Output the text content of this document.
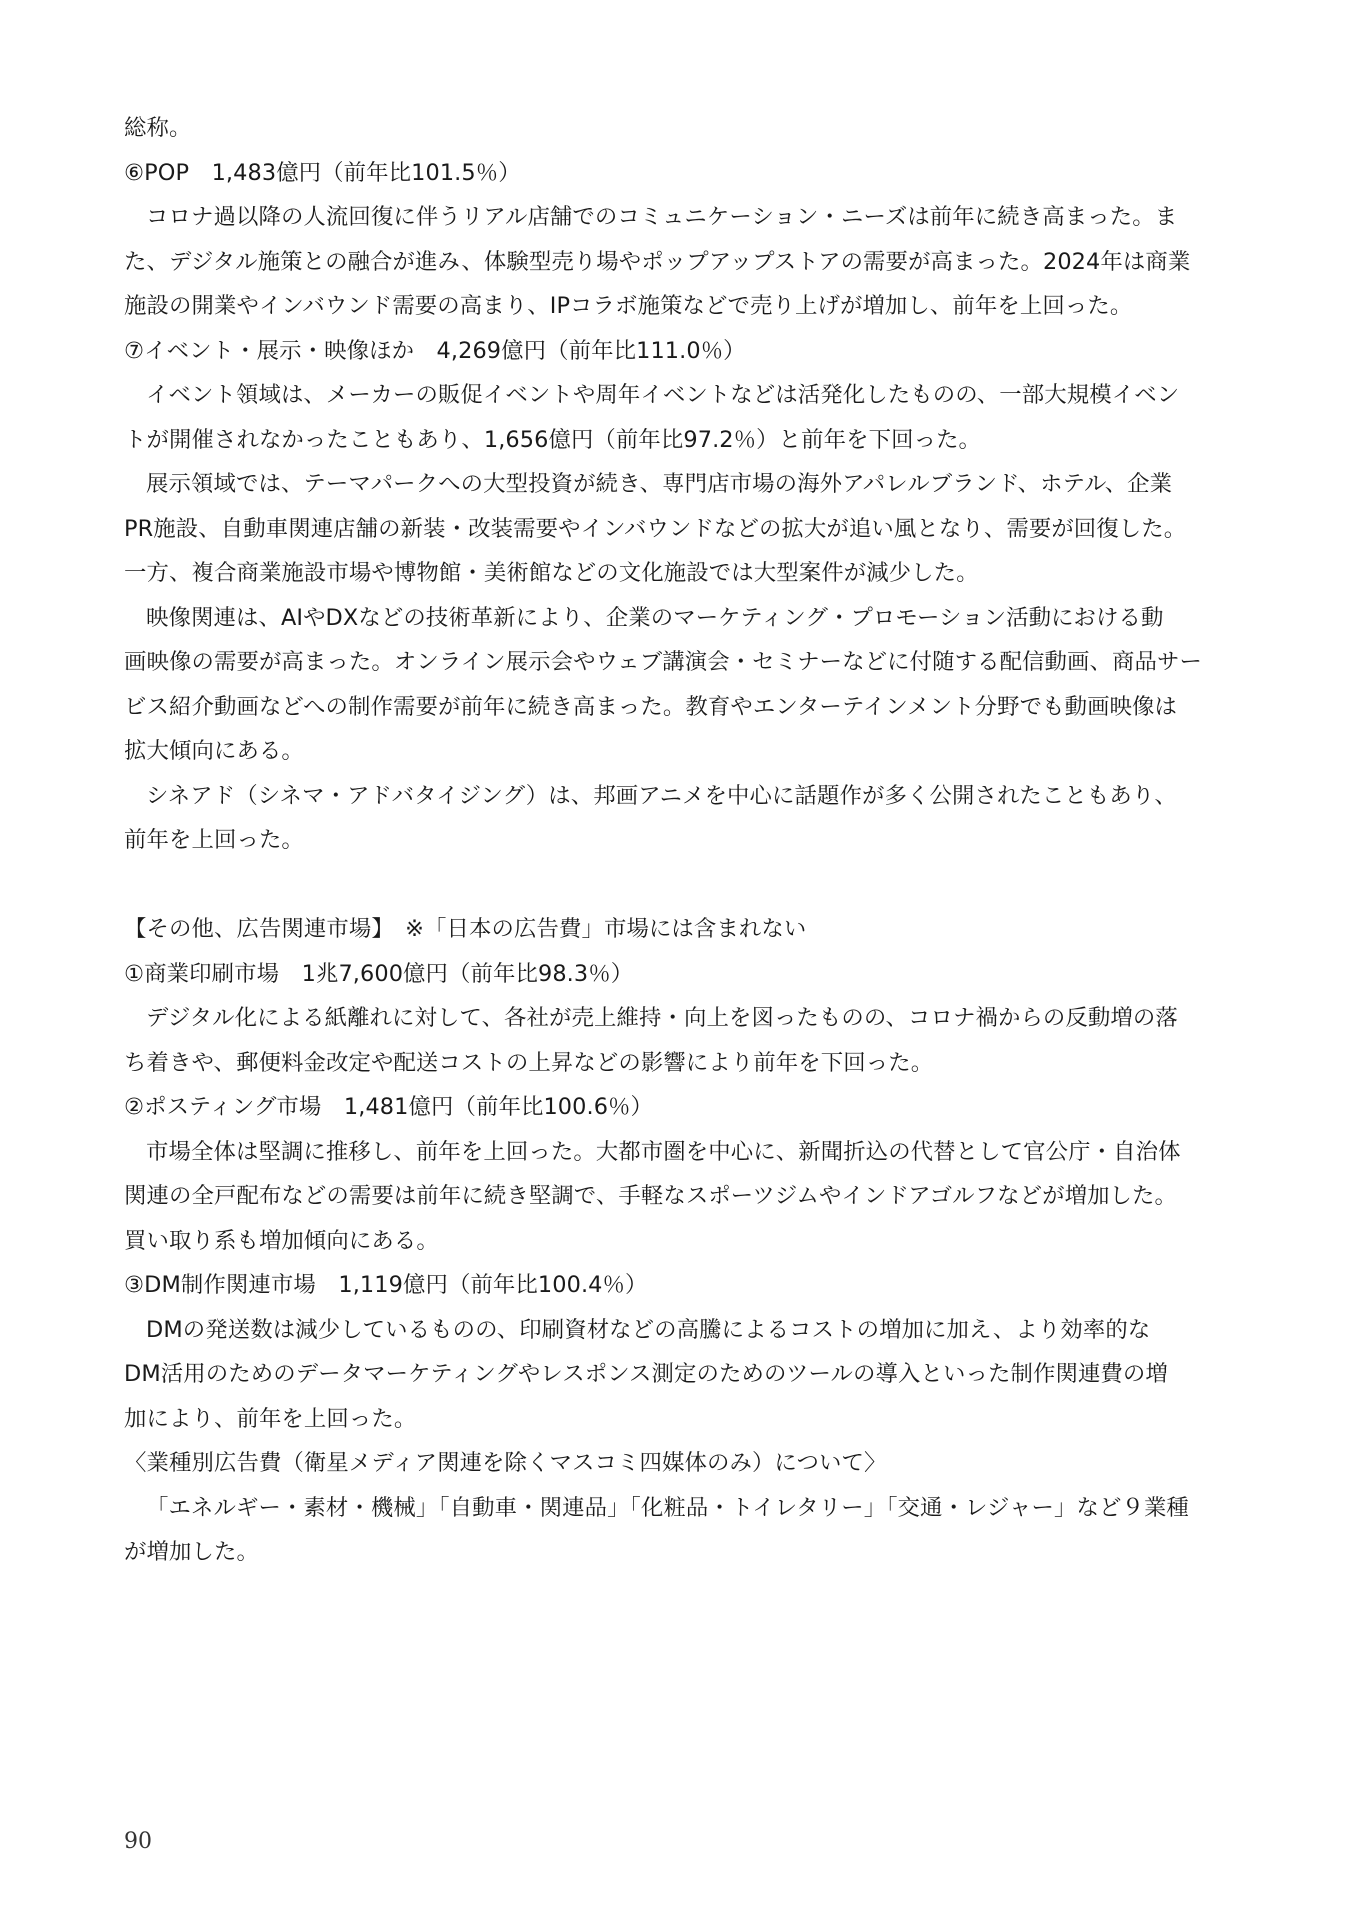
総称。
⑥POP　1,483億円（前年比101.5％）
コロナ過以降の人流回復に伴うリアル店舗でのコミュニケーション・ニーズは前年に続き高まった。ま
た、デジタル施策との融合が進み、体験型売り場やポップアップストアの需要が高まった。2024年は商業
施設の開業やインバウンド需要の高まり、IPコラボ施策などで売り上げが増加し、前年を上回った。
⑦イベント・展示・映像ほか　4,269億円（前年比111.0％）
イベント領域は、メーカーの販促イベントや周年イベントなどは活発化したものの、一部大規模イベン
トが開催されなかったこともあり、1,656億円（前年比97.2％）と前年を下回った。
展示領域では、テーマパークへの大型投資が続き、専門店市場の海外アパレルブランド、ホテル、企業
PR施設、自動車関連店舗の新装・改装需要やインバウンドなどの拡大が追い風となり、需要が回復した。
一方、複合商業施設市場や博物館・美術館などの文化施設では大型案件が減少した。
映像関連は、AIやDXなどの技術革新により、企業のマーケティング・プロモーション活動における動
画映像の需要が高まった。オンライン展示会やウェブ講演会・セミナーなどに付随する配信動画、商品サー
ビス紹介動画などへの制作需要が前年に続き高まった。教育やエンターテインメント分野でも動画映像は
拡大傾向にある。
シネアド（シネマ・アドバタイジング）は、邦画アニメを中心に話題作が多く公開されたこともあり、
前年を上回った。
【その他、広告関連市場】　※「日本の広告費」市場には含まれない
①商業印刷市場　1兆7,600億円（前年比98.3％）
デジタル化による紙離れに対して、各社が売上維持・向上を図ったものの、コロナ禍からの反動増の落
ち着きや、郵便料金改定や配送コストの上昇などの影響により前年を下回った。
②ポスティング市場　1,481億円（前年比100.6％）
市場全体は堅調に推移し、前年を上回った。大都市圏を中心に、新聞折込の代替として官公庁・自治体
関連の全戸配布などの需要は前年に続き堅調で、手軽なスポーツジムやインドアゴルフなどが増加した。
買い取り系も増加傾向にある。
③DM制作関連市場　1,119億円（前年比100.4％）
DMの発送数は減少しているものの、印刷資材などの高騰によるコストの増加に加え、より効率的な
DM活用のためのデータマーケティングやレスポンス測定のためのツールの導入といった制作関連費の増
加により、前年を上回った。
〈業種別広告費（衛星メディア関連を除くマスコミ四媒体のみ）について〉
「エネルギー・素材・機械」「自動車・関連品」「化粧品・トイレタリー」「交通・レジャー」など９業種
が増加した。
90
